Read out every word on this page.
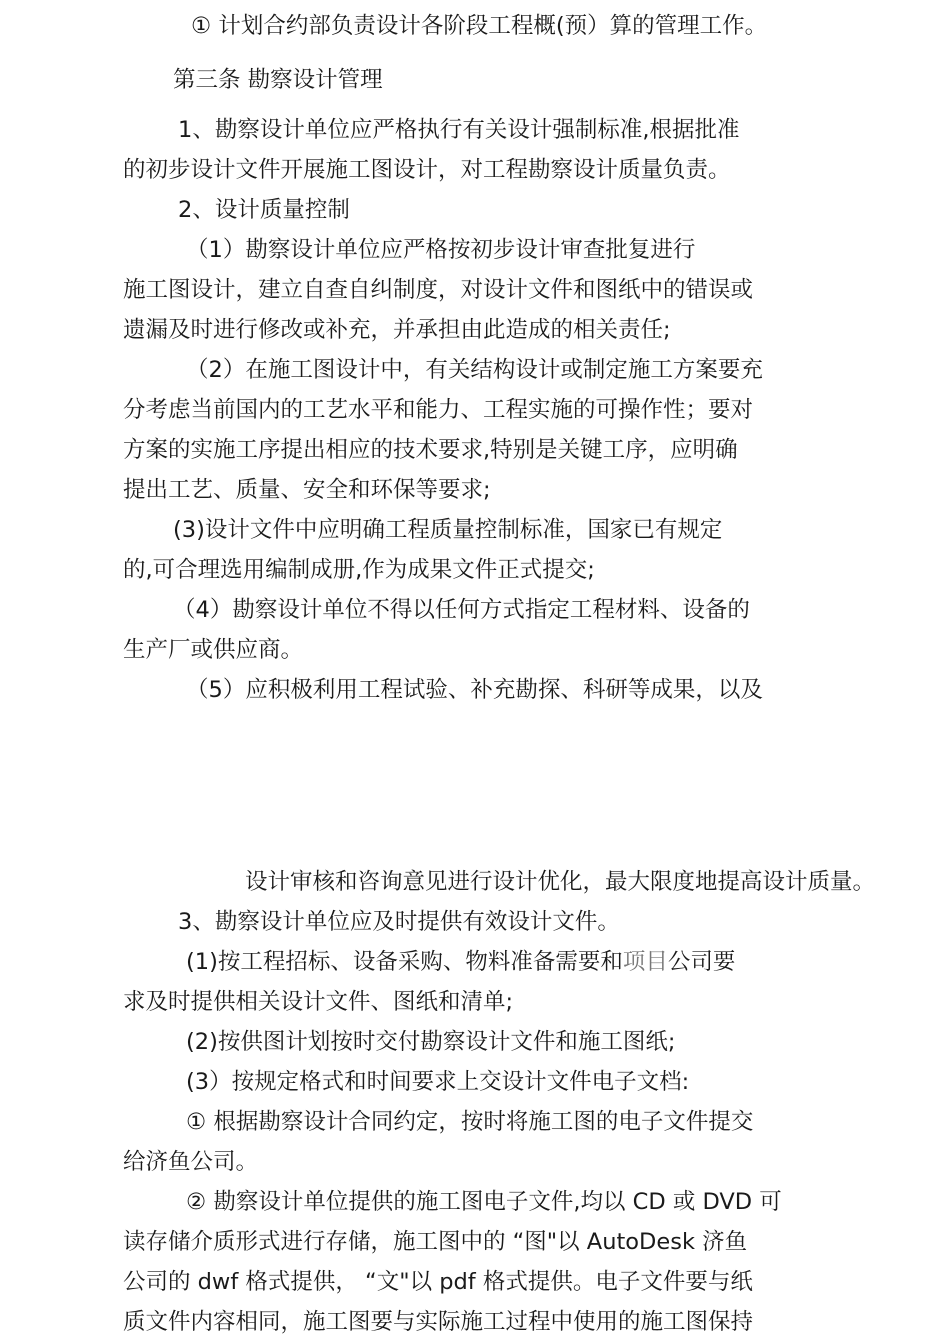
① 计划合约部负责设计各阶段工程概(预）算的管理工作。
第三条 勘察设计管理
1、勘察设计单位应严格执行有关设计强制标准,根据批准
的初步设计文件开展施工图设计，对工程勘察设计质量负责。
2、设计质量控制
（1）勘察设计单位应严格按初步设计审查批复进行
施工图设计，建立自查自纠制度，对设计文件和图纸中的错误或
遗漏及时进行修改或补充，并承担由此造成的相关责任;
（2）在施工图设计中，有关结构设计或制定施工方案要充
分考虑当前国内的工艺水平和能力、工程实施的可操作性；要对
方案的实施工序提出相应的技术要求,特别是关键工序，应明确
提出工艺、质量、安全和环保等要求;
(3)设计文件中应明确工程质量控制标准，国家已有规定
的,可合理选用编制成册,作为成果文件正式提交;
（4）勘察设计单位不得以任何方式指定工程材料、设备的
生产厂或供应商。
（5）应积极利用工程试验、补充勘探、科研等成果，以及
设计审核和咨询意见进行设计优化，最大限度地提高设计质量。
3、勘察设计单位应及时提供有效设计文件。
(1)按工程招标、设备采购、物料准备需要和项目公司要
求及时提供相关设计文件、图纸和清单;
(2)按供图计划按时交付勘察设计文件和施工图纸;
(3）按规定格式和时间要求上交设计文件电子文档:
① 根据勘察设计合同约定，按时将施工图的电子文件提交
给济鱼公司。
② 勘察设计单位提供的施工图电子文件,均以 CD 或 DVD 可
读存储介质形式进行存储，施工图中的 “图"以 AutoDesk 济鱼
公司的 dwf 格式提供， “文"以 pdf 格式提供。电子文件要与纸
质文件内容相同，施工图要与实际施工过程中使用的施工图保持
